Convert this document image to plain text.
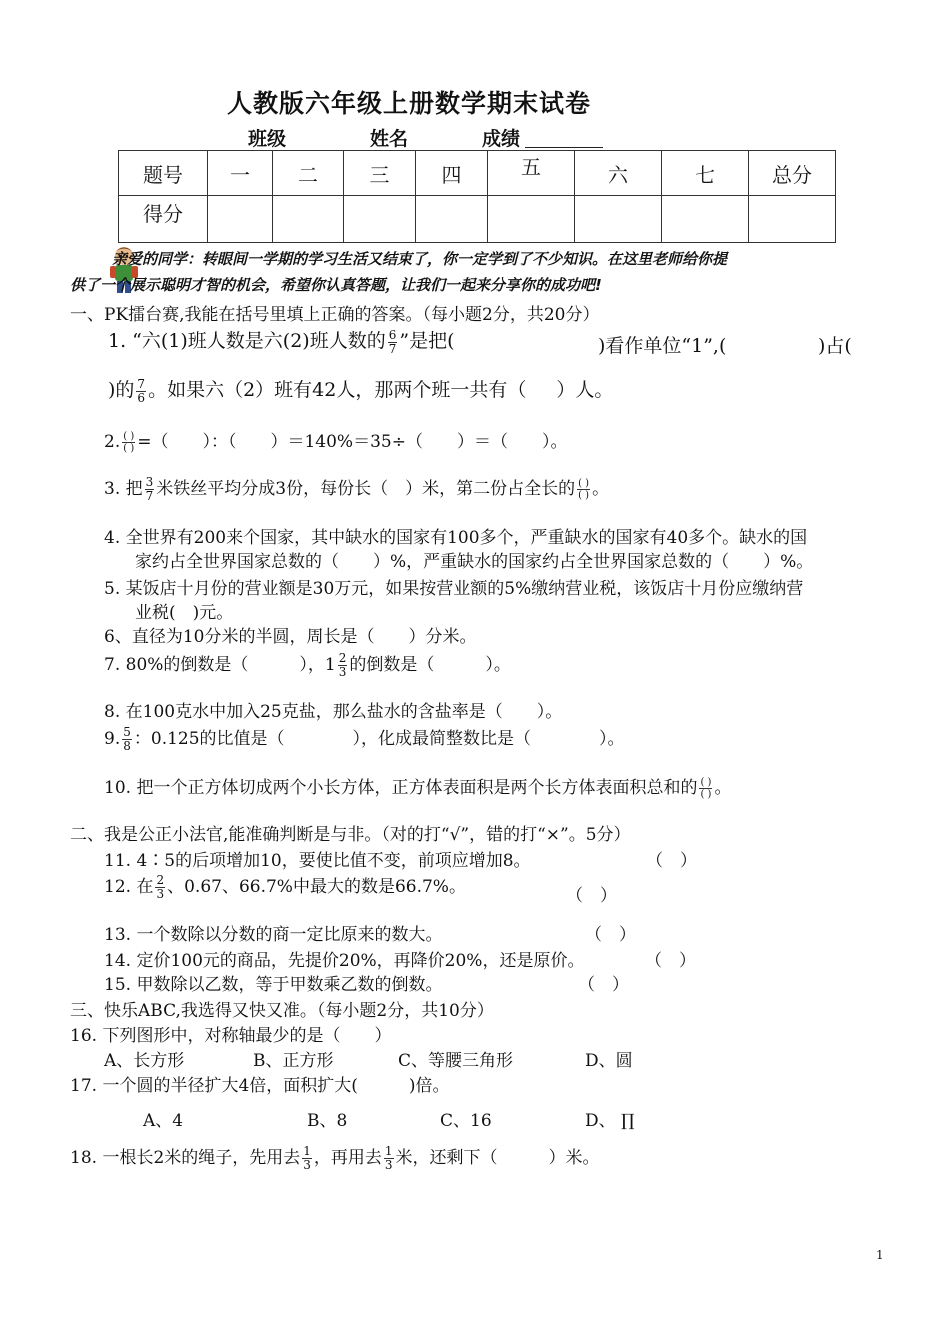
人教版六年级上册数学期末试卷
班级	姓名	成绩
题号	一	二	三	四	五	六	七	总分
得分								
亲爱的同学：转眼间一学期的学习生活又结束了，你一定学到了不少知识。在这里老师给你提
供了一个展示聪明才智的机会，希望你认真答题，让我们一起来分享你的成功吧!
一、PK擂台赛,我能在括号里填上正确的答案。（每小题2分，共20分）
1. “六(1)班人数是六(2)班人数的 $\frac{6}{7}$ ”是把(	)看作单位“1”,(	)占(
)的 $\frac{7}{6}$ 。如果六（2）班有42人，那两个班一共有（ ）人。
2. $\frac{( )}{( )}$ =（　　）：（　　）＝140%＝35÷（　　）＝（　　）。
3. 把 $\frac{3}{7}$ 米铁丝平均分成3份，每份长（　）米，第二份占全长的 $\frac{( )}{( )}$ 。
4. 全世界有200来个国家，其中缺水的国家有100多个，严重缺水的国家有40多个。缺水的国
家约占全世界国家总数的（　　）%，严重缺水的国家约占全世界国家总数的（　　）%。
5. 某饭店十月份的营业额是30万元，如果按营业额的5%缴纳营业税，该饭店十月份应缴纳营
业税(　)元。
6、直径为10分米的半圆，周长是（　　）分米。
7. 80%的倒数是（　　　），$1 \frac{2}{3}$ 的倒数是（　　　）。
8. 在100克水中加入25克盐，那么盐水的含盐率是（　　）。
9. $\frac{5}{8}$ ：0.125的比值是（　　　　），化成最简整数比是（　　　　）。
10. 把一个正方体切成两个小长方体，正方体表面积是两个长方体表面积总和的 $\frac{( )}{( )}$ 。
二、我是公正小法官,能准确判断是与非。（对的打“√”，错的打“×”。5分）
11. 4∶5的后项增加10，要使比值不变，前项应增加8。	（　）
12. 在 $\frac{2}{3}$ 、0.67、66.7%中最大的数是66.7%。	（　）
13. 一个数除以分数的商一定比原来的数大。	（　）
14. 定价100元的商品，先提价20%，再降价20%，还是原价。	（　）
15. 甲数除以乙数，等于甲数乘乙数的倒数。	（　）
三、快乐ABC,我选得又快又准。（每小题2分，共10分）
16. 下列图形中，对称轴最少的是（　　）
A、长方形	B、正方形	C、等腰三角形	D、圆
17. 一个圆的半径扩大4倍，面积扩大(　　　)倍。
A、4	B、8	C、16	D、 ∏
18. 一根长2米的绳子，先用去 $\frac{1}{3}$ ，再用去 $\frac{1}{3}$ 米，还剩下（　　　）米。
1
